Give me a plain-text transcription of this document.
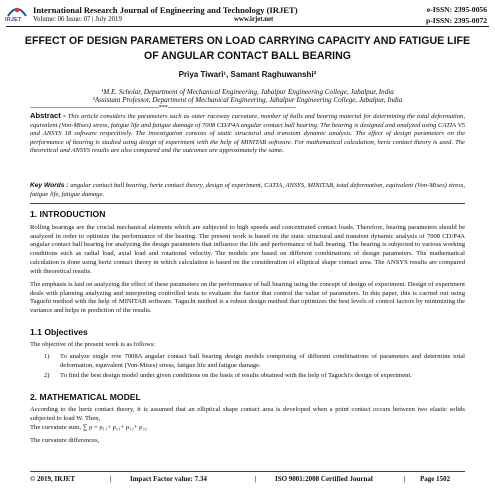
IRJET
International Research Journal of Engineering and Technology (IRJET)
Volume: 06 Issue: 07 | July 2019	www.irjet.net
e-ISSN: 2395-0056
p-ISSN: 2395-0072
EFFECT OF DESIGN PARAMETERS ON LOAD CARRYING CAPACITY AND FATIGUE LIFE OF ANGULAR CONTACT BALL BEARING
Priya Tiwari¹, Samant Raghuwanshi²
¹M.E. Scholar, Department of Mechanical Engineering, Jabalpur Engineering College, Jabalpur, India
²Assistant Professor, Department of Mechanical Engineering, Jabalpur Engineering College, Jabalpur, India
---------------------------------------------------------------------***---------------------------------------------------------------------
Abstract - This article considers the parameters such as outer raceway curvature, number of balls and bearing material for determining the total deformation, equivalent (Von-Mises) stress, fatigue life and fatigue damage of 7008 CD/P4A angular contact ball bearing. The bearing is designed and analyzed using CATIA V5 and ANSYS 18 software respectively. The investigation consists of static structural and transient dynamic analysis. The effect of design parameters on the performance of bearing is studied using design of experiment with the help of MINITAB software. For mathematical calculation, hertz contact theory is used. The theoretical and ANSYS results are also compared and the outcomes are approximately the same.
Key Words : angular contact ball bearing, hertz contact theory, design of experiment, CATIA, ANSYS, MINITAB, total deformation, equivalent (Von-Mises) stress, fatigue life, fatigue damage.
1. INTRODUCTION
Rolling bearings are the crucial mechanical elements which are subjected to high speeds and concentrated contact loads. Therefore, bearing parameters should be analyzed in order to optimize the performance of the bearing. The present work is based on the static structural and transient dynamic analysis of 7008 CD/P4A angular contact ball bearing for analyzing the design parameters that influence the life and performance of ball bearing. The bearing is subjected to various working conditions such as radial load, axial load and rotational velocity. The models are based on different combinations of design parameters. The mathematical calculation is done using hertz contact theory in which calculation is based on the consideration of elliptical shape contact area. The ANSYS results are compared with theoretical results.
The emphasis is laid on analyzing the effect of these parameters on the performance of ball bearing using the concept of design of experiment. Design of experiment deals with planning analyzing and interpreting controlled tests to evaluate the factor that control the value of parameters. In this paper, this is carried out using Taguchi method with the help of MINITAB software. Taguchi method is a robust design method that optimizes the best levels of control factors by minimizing the variance and helps in prediction of the results.
1.1 Objectives
The objective of the present work is as follows:
1) To analyze single row 7008A angular contact ball bearing design models comprising of different combinations of parameters and determine total deformation, equivalent (Von-Mises) stress, fatigue life and fatigue damage.
2) To find the best design model under given conditions on the basis of results obtained with the help of Taguchi's design of experiment.
2. MATHEMATICAL MODEL
According to the hertz contact theory, it is assumed that an elliptical shape contact area is developed when a point contact occurs between two elastic solids subjected to load W. Then,
The curvature sum, ∑ ρ = ρ₁₁+ ρ₂₁+ ρ₁₂+ ρ₂₂
The curvature differences,
© 2019, IRJET	|	Impact Factor value: 7.34	|	ISO 9001:2008 Certified Journal	| Page 1502
